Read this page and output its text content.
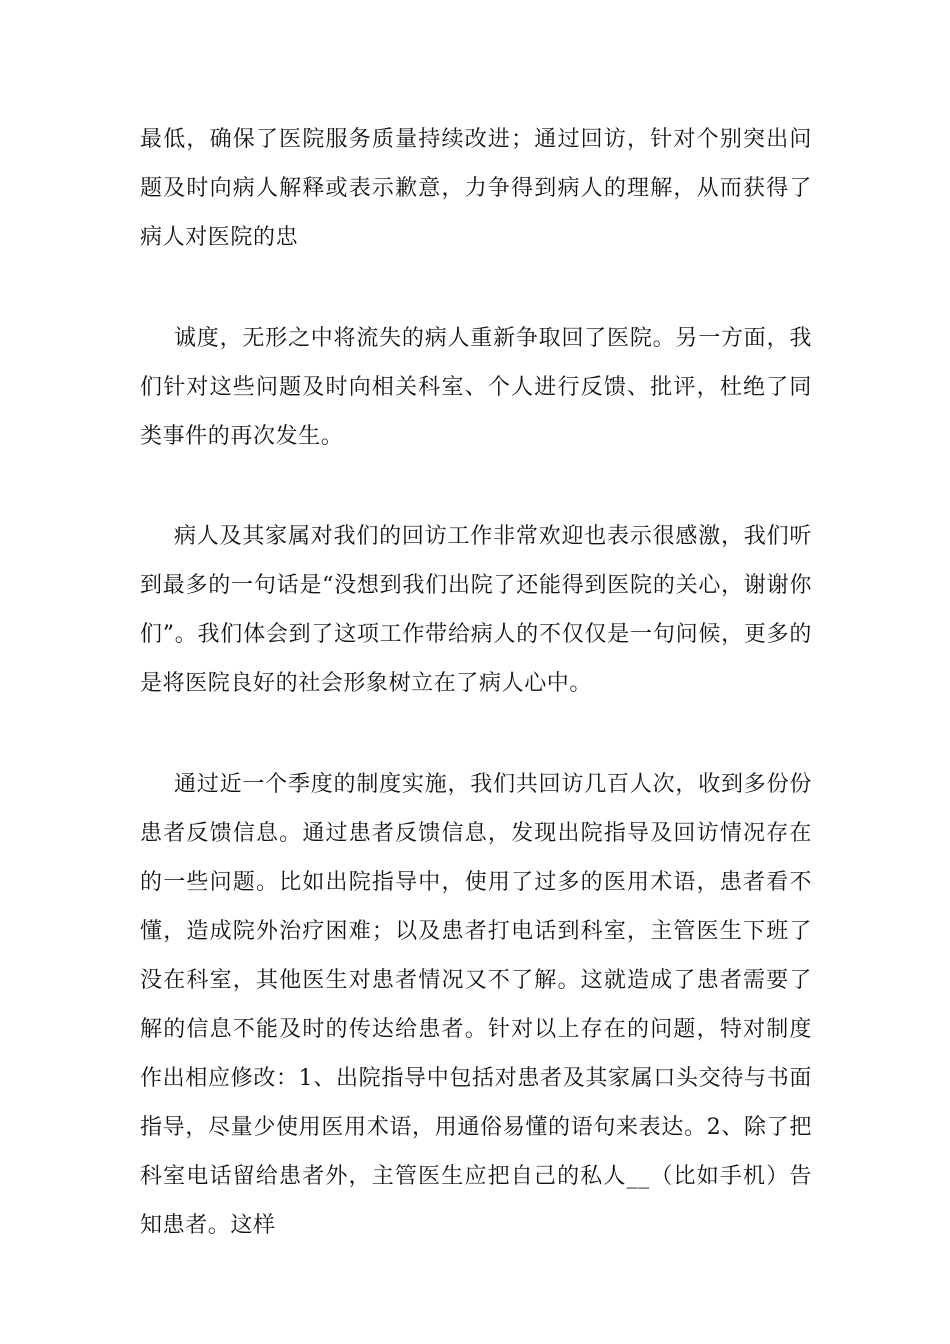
最低，确保了医院服务质量持续改进；通过回访，针对个别突出问题及时向病人解释或表示歉意，力争得到病人的理解，从而获得了病人对医院的忠

诚度，无形之中将流失的病人重新争取回了医院。另一方面，我们针对这些问题及时向相关科室、个人进行反馈、批评，杜绝了同类事件的再次发生。

病人及其家属对我们的回访工作非常欢迎也表示很感激，我们听到最多的一句话是“没想到我们出院了还能得到医院的关心，谢谢你们”。我们体会到了这项工作带给病人的不仅仅是一句问候，更多的是将医院良好的社会形象树立在了病人心中。

通过近一个季度的制度实施，我们共回访几百人次，收到多份份患者反馈信息。通过患者反馈信息，发现出院指导及回访情况存在的一些问题。比如出院指导中，使用了过多的医用术语，患者看不懂，造成院外治疗困难；以及患者打电话到科室，主管医生下班了没在科室，其他医生对患者情况又不了解。这就造成了患者需要了解的信息不能及时的传达给患者。针对以上存在的问题，特对制度作出相应修改：1、出院指导中包括对患者及其家属口头交待与书面指导，尽量少使用医用术语，用通俗易懂的语句来表达。2、除了把科室电话留给患者外，主管医生应把自己的私人__（比如手机）告知患者。这样
